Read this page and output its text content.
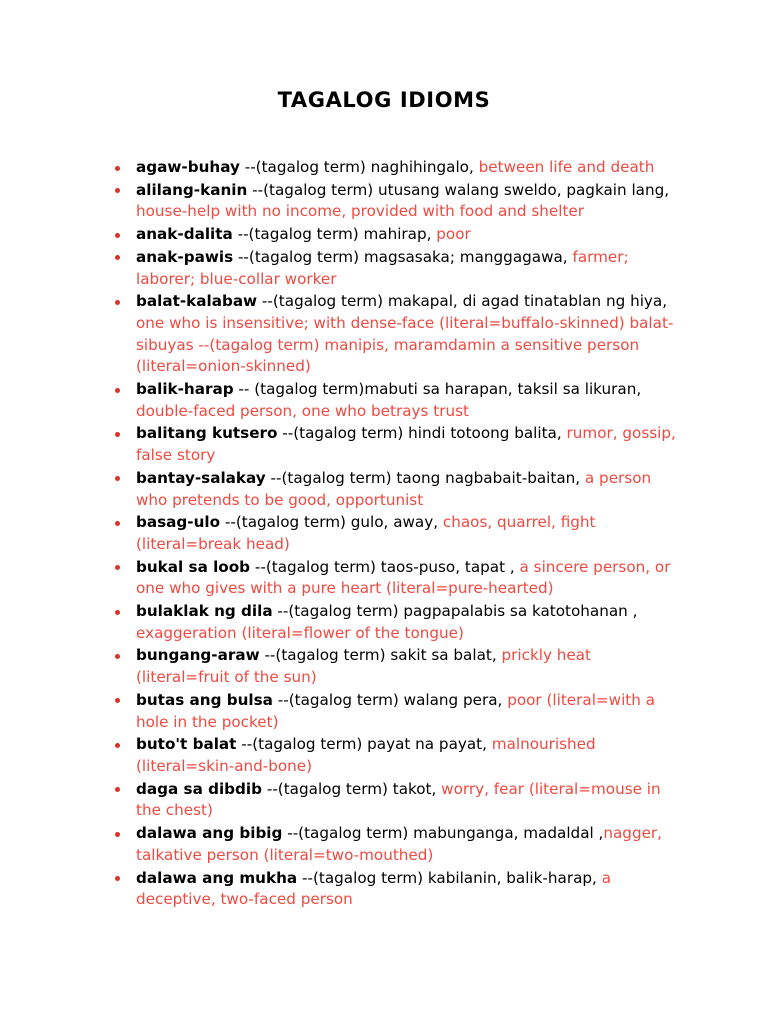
TAGALOG IDIOMS
agaw-buhay --(tagalog term) naghihingalo, between life and death
alilang-kanin --(tagalog term) utusang walang sweldo, pagkain lang, house-help with no income, provided with food and shelter
anak-dalita --(tagalog term) mahirap, poor
anak-pawis --(tagalog term) magsasaka; manggagawa, farmer; laborer; blue-collar worker
balat-kalabaw --(tagalog term) makapal, di agad tinatablan ng hiya, one who is insensitive; with dense-face (literal=buffalo-skinned) balat-sibuyas --(tagalog term) manipis, maramdamin a sensitive person (literal=onion-skinned)
balik-harap -- (tagalog term)mabuti sa harapan, taksil sa likuran, double-faced person, one who betrays trust
balitang kutsero --(tagalog term) hindi totoong balita, rumor, gossip, false story
bantay-salakay --(tagalog term) taong nagbabait-baitan, a person who pretends to be good, opportunist
basag-ulo --(tagalog term) gulo, away, chaos, quarrel, fight (literal=break head)
bukal sa loob --(tagalog term) taos-puso, tapat , a sincere person, or one who gives with a pure heart (literal=pure-hearted)
bulaklak ng dila --(tagalog term) pagpapalabis sa katotohanan , exaggeration (literal=flower of the tongue)
bungang-araw --(tagalog term) sakit sa balat, prickly heat (literal=fruit of the sun)
butas ang bulsa --(tagalog term) walang pera, poor (literal=with a hole in the pocket)
buto't balat --(tagalog term) payat na payat, malnourished (literal=skin-and-bone)
daga sa dibdib --(tagalog term) takot, worry, fear (literal=mouse in the chest)
dalawa ang bibig --(tagalog term) mabunganga, madaldal ,nagger, talkative person (literal=two-mouthed)
dalawa ang mukha --(tagalog term) kabilanin, balik-harap, a deceptive, two-faced person
